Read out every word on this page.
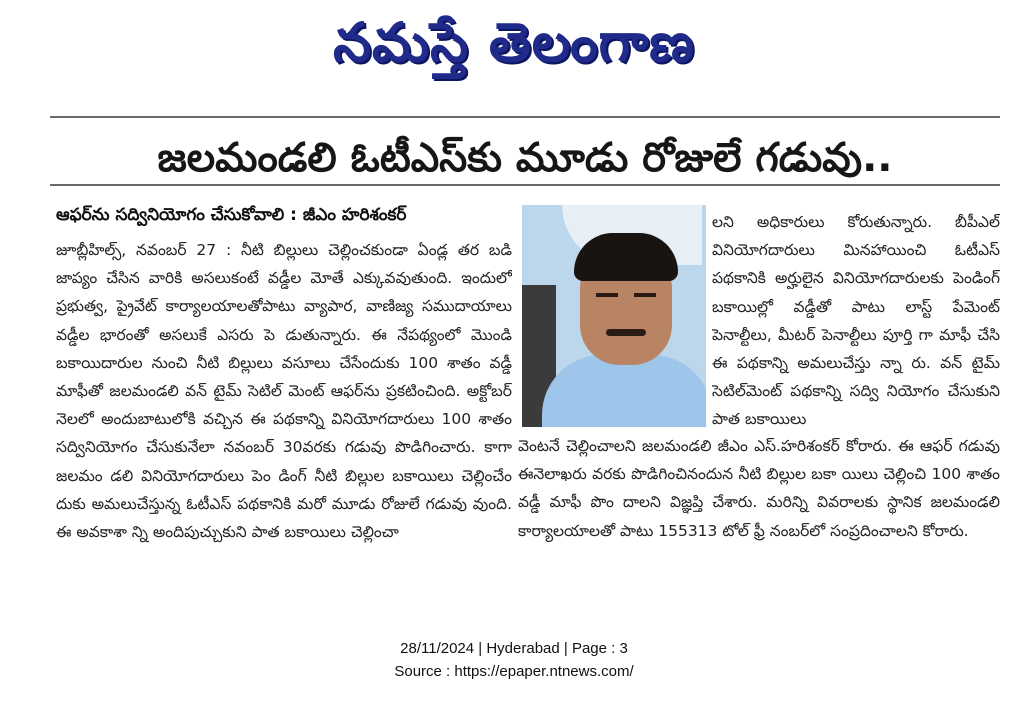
నమస్తే తెలంగాణ
జలమండలి ఓటీఎస్‌కు మూడు రోజులే గడువు..
ఆఫర్‌ను సద్వినియోగం చేసుకోవాలి : జీఎం హరిశంకర్‌
జూబ్లీహిల్స్‌, నవంబర్‌ 27 : నీటి బిల్లులు చెల్లించకుండా ఏండ్ల తర బడి జాప్యం చేసిన వారికి అసలుకంటే వడ్డీల మోతే ఎక్కువవుతుంది. ఇందులో ప్రభుత్వ, ప్రైవేట్‌ కార్యాలయాలతోపాటు వ్యాపార, వాణిజ్య సముదాయాలు వడ్డీల భారంతో అసలుకే ఎసరు పె డుతున్నారు. ఈ నేపథ్యంలో మొండి బకాయిదారుల నుంచి నీటి బిల్లులు వసూలు చేసేందుకు 100 శాతం వడ్డీ మాఫీతో జలమండలి వన్‌ టైమ్‌ సెటిల్‌ మెంట్‌ ఆఫర్‌ను ప్రకటించింది. అక్టోబర్‌ నెలలో అందుబాటులోకి వచ్చిన ఈ పథకాన్ని వినియోగదారులు 100 శాతం సద్వినియోగం చేసుకునేలా నవంబర్‌ 30వరకు గడువు పొడిగించారు. కాగా జలమం డలి వినియోగదారులు పెం డింగ్‌ నీటి బిల్లుల బకాయిలు చెల్లించేం దుకు అమలుచేస్తున్న ఓటీఎస్‌ పథకానికి మరో మూడు రోజులే గడువు వుంది. ఈ అవకాశా న్ని అందిపుచ్చుకుని పాత బకాయిలు చెల్లించా
లని అధికారులు కోరుతున్నారు. బీపీఎల్‌ వినియోగదారులు మినహాయించి ఓటీఎస్‌ పథకానికి అర్హులైన వినియోగదారులకు పెండింగ్‌ బకాయిల్లో వడ్డీతో పాటు లాస్ట్‌ పేమెంట్‌ పెనాల్టీలు, మీటర్‌ పెనాల్టీలు పూర్తి గా మాఫీ చేసి ఈ పథకాన్ని అమలుచేస్తు న్నా రు. వన్‌ టైమ్‌ సెటిల్‌మెంట్‌ పథకాన్ని సద్వి నియోగం చేసుకుని పాత బకాయిలు
వెంటనే చెల్లించాలని జలమండలి జీఎం ఎస్‌.హరిశంకర్‌ కోరారు. ఈ ఆఫర్‌ గడువు ఈనెలాఖరు వరకు పొడిగించినందున నీటి బిల్లుల బకా యిలు చెల్లించి 100 శాతం వడ్డీ మాఫీ పొం దాలని విజ్ఞప్తి చేశారు. మరిన్ని వివరాలకు స్థానిక జలమండలి కార్యాలయాలతో పాటు 155313 టోల్‌ ఫ్రీ నంబర్‌లో సంప్రదించాలని కోరారు.
28/11/2024 | Hyderabad | Page : 3
Source : https://epaper.ntnews.com/
